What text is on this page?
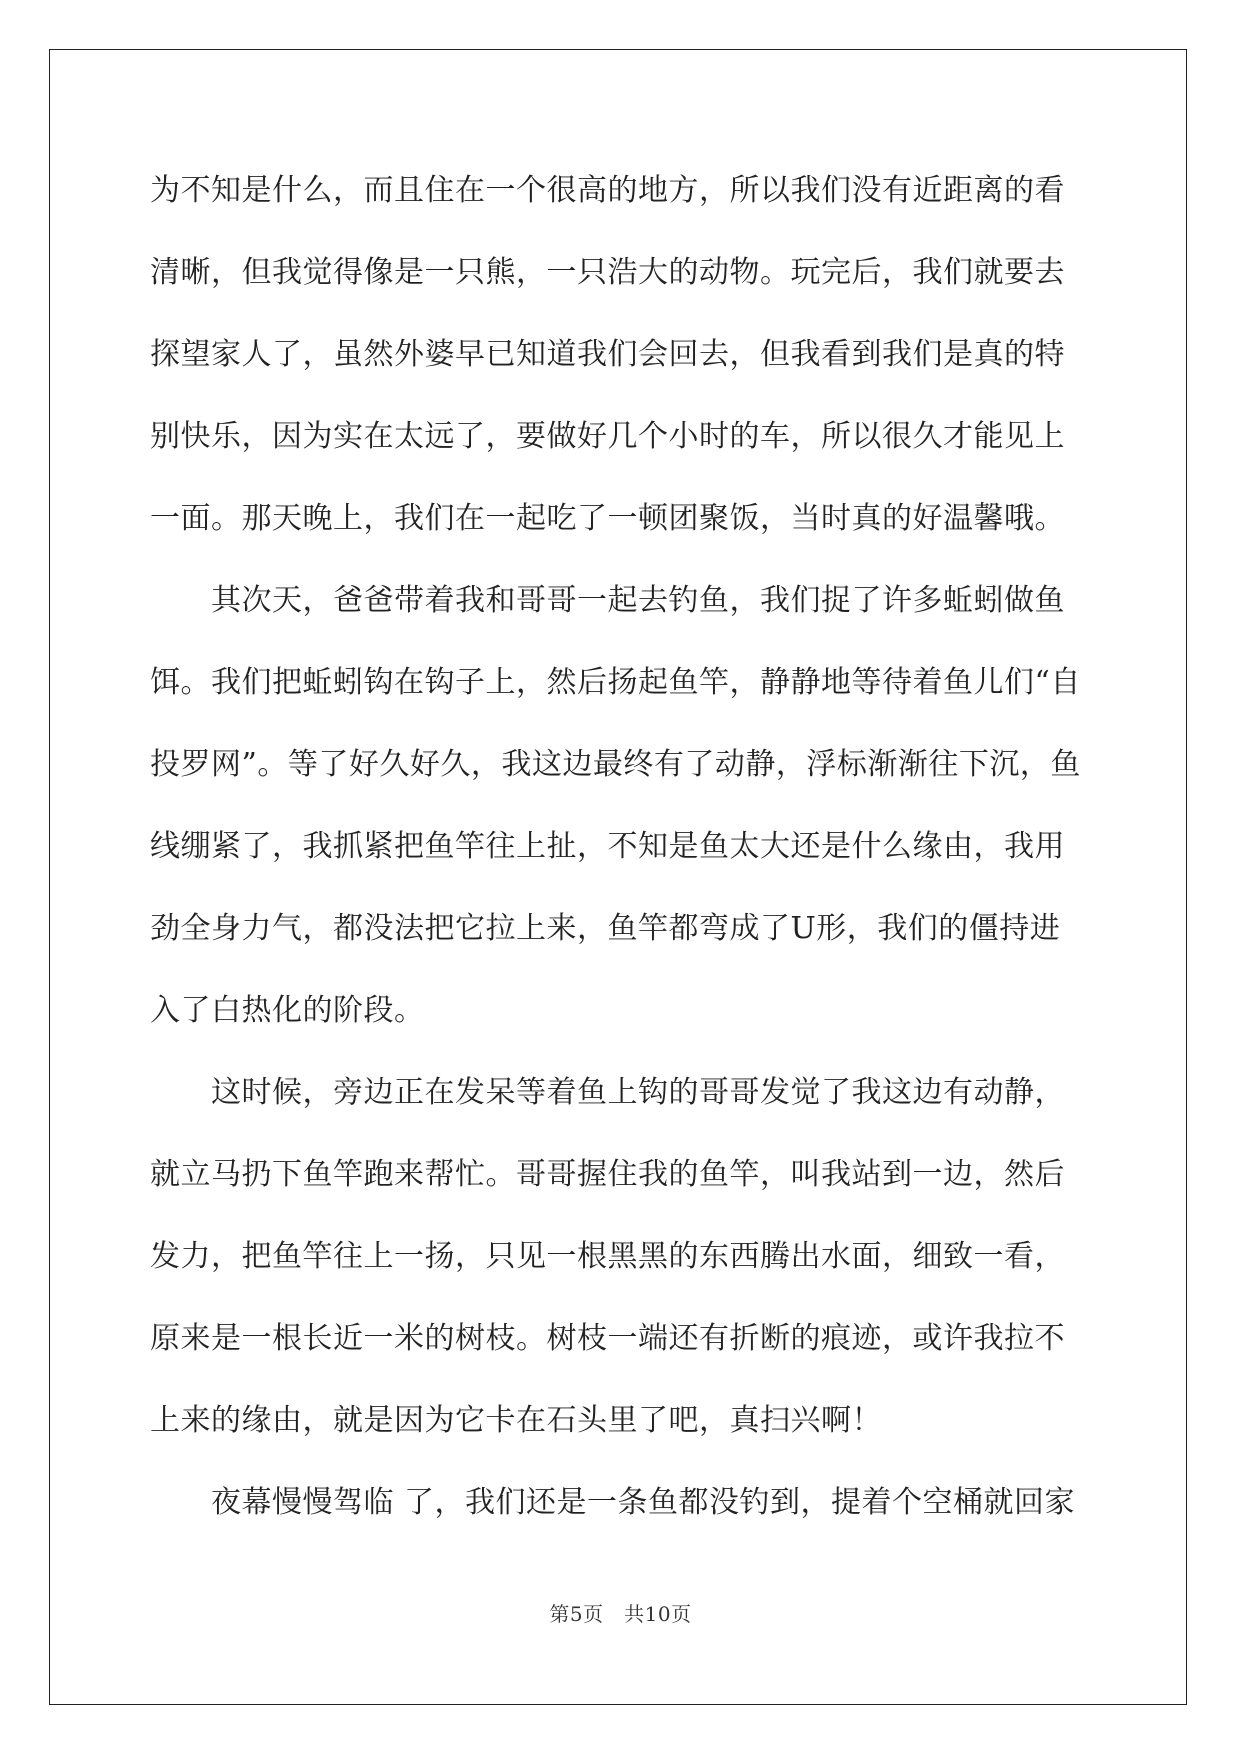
为不知是什么，而且住在一个很高的地方，所以我们没有近距离的看
清晰，但我觉得像是一只熊，一只浩大的动物。玩完后，我们就要去
探望家人了，虽然外婆早已知道我们会回去，但我看到我们是真的特
别快乐，因为实在太远了，要做好几个小时的车，所以很久才能见上
一面。那天晚上，我们在一起吃了一顿团聚饭，当时真的好温馨哦。
　　其次天，爸爸带着我和哥哥一起去钓鱼，我们捉了许多蚯蚓做鱼
饵。我们把蚯蚓钩在钩子上，然后扬起鱼竿，静静地等待着鱼儿们“自
投罗网”。等了好久好久，我这边最终有了动静，浮标渐渐往下沉，鱼
线绷紧了，我抓紧把鱼竿往上扯，不知是鱼太大还是什么缘由，我用
劲全身力气，都没法把它拉上来，鱼竿都弯成了U形，我们的僵持进
入了白热化的阶段。
　　这时候，旁边正在发呆等着鱼上钩的哥哥发觉了我这边有动静，
就立马扔下鱼竿跑来帮忙。哥哥握住我的鱼竿，叫我站到一边，然后
发力，把鱼竿往上一扬，只见一根黑黑的东西腾出水面，细致一看，
原来是一根长近一米的树枝。树枝一端还有折断的痕迹，或许我拉不
上来的缘由，就是因为它卡在石头里了吧，真扫兴啊！
　　夜幕慢慢驾临 了，我们还是一条鱼都没钓到，提着个空桶就回家
第5页　共10页
